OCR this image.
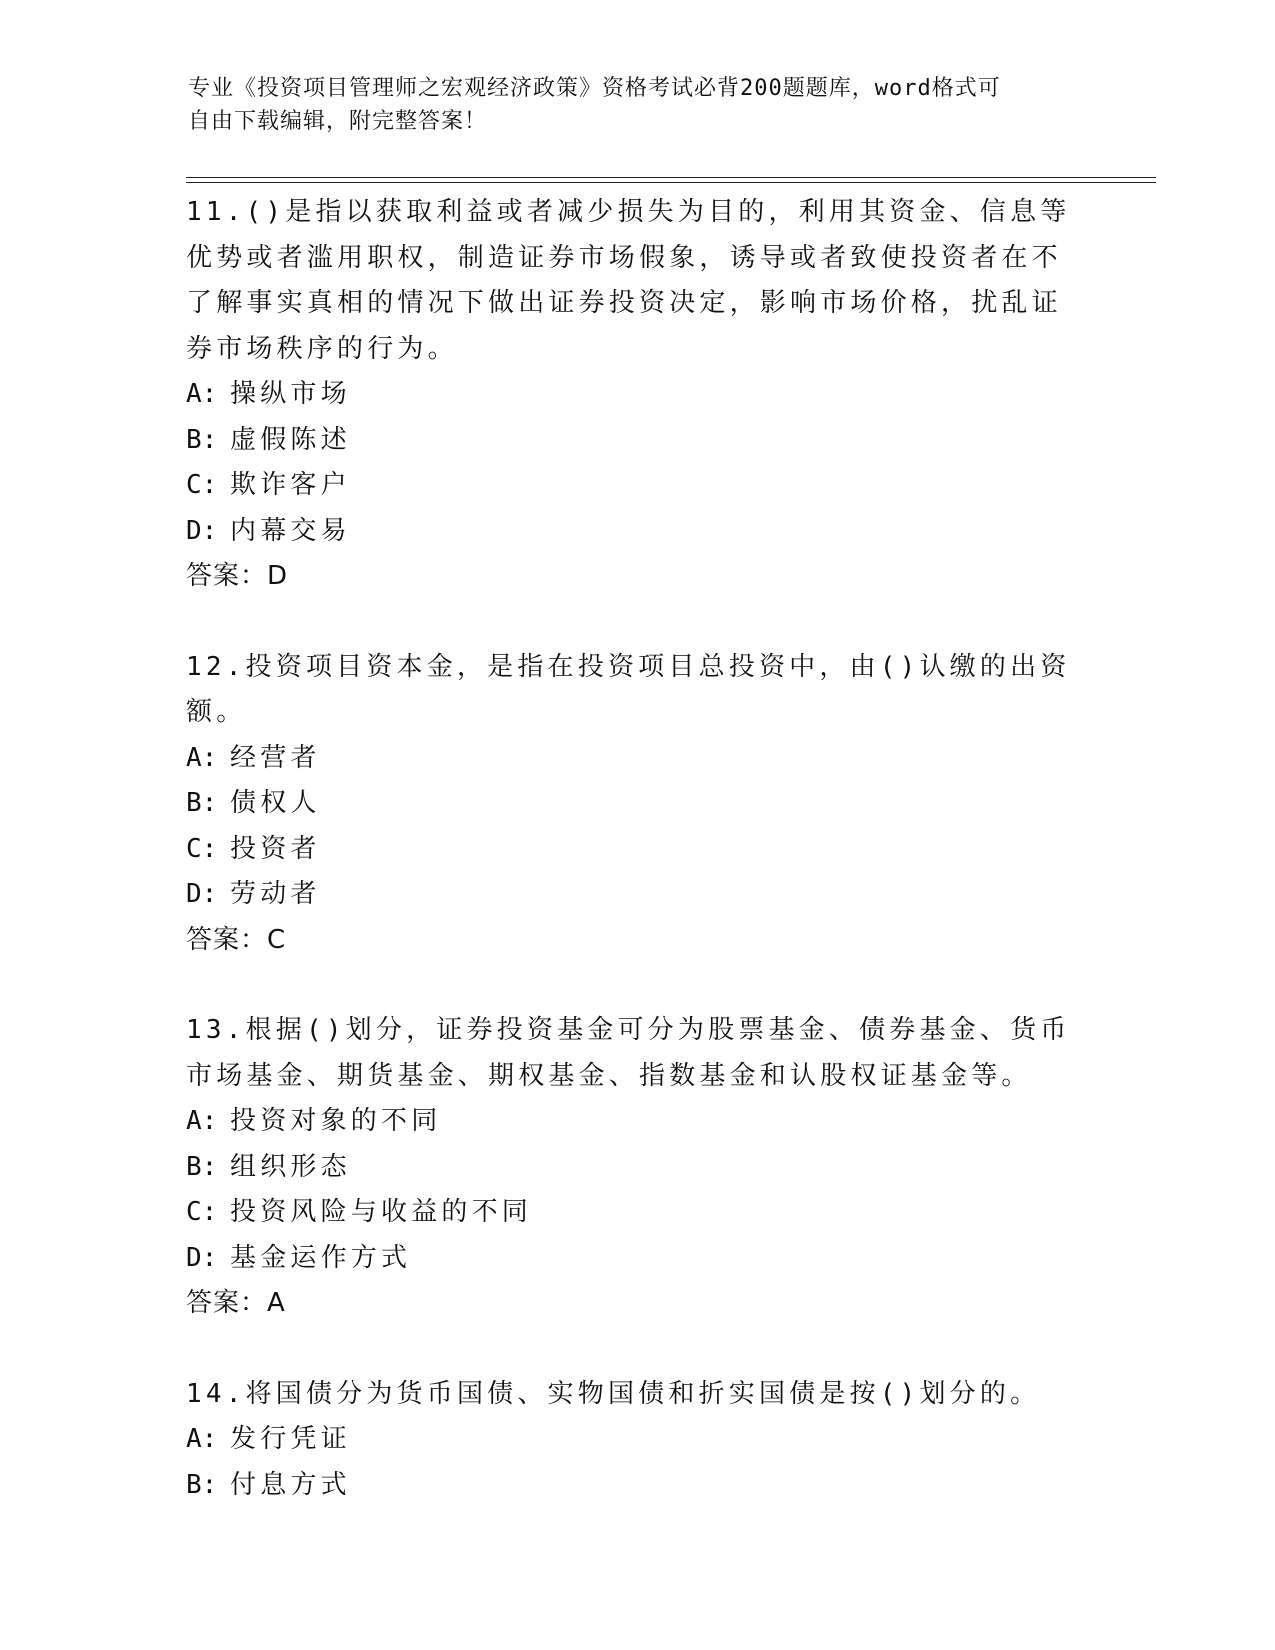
专业《投资项目管理师之宏观经济政策》资格考试必背200题题库，word格式可
自由下载编辑，附完整答案！
11.()是指以获取利益或者减少损失为目的，利用其资金、信息等优势或者滥用职权，制造证券市场假象，诱导或者致使投资者在不了解事实真相的情况下做出证券投资决定，影响市场价格，扰乱证券市场秩序的行为。
A: 操纵市场
B: 虚假陈述
C: 欺诈客户
D: 内幕交易
答案：D
12.投资项目资本金，是指在投资项目总投资中，由()认缴的出资额。
A: 经营者
B: 债权人
C: 投资者
D: 劳动者
答案：C
13.根据()划分，证券投资基金可分为股票基金、债券基金、货币市场基金、期货基金、期权基金、指数基金和认股权证基金等。
A: 投资对象的不同
B: 组织形态
C: 投资风险与收益的不同
D: 基金运作方式
答案：A
14.将国债分为货币国债、实物国债和折实国债是按()划分的。
A: 发行凭证
B: 付息方式
